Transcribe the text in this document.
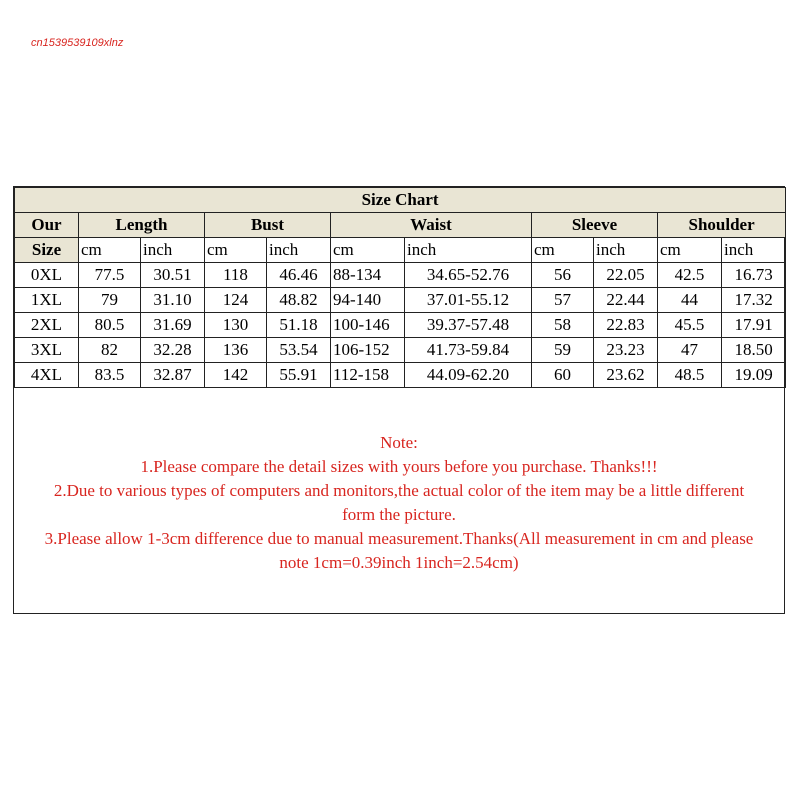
cn1539539109xlnz
Size Chart										
Our	Length		Bust		Waist		Sleeve		Shoulder	
Size	cm	inch	cm	inch	cm	inch	cm	inch	cm	inch
0XL	77.5	30.51	118	46.46	88-134	34.65-52.76	56	22.05	42.5	16.73
1XL	79	31.10	124	48.82	94-140	37.01-55.12	57	22.44	44	17.32
2XL	80.5	31.69	130	51.18	100-146	39.37-57.48	58	22.83	45.5	17.91
3XL	82	32.28	136	53.54	106-152	41.73-59.84	59	23.23	47	18.50
4XL	83.5	32.87	142	55.91	112-158	44.09-62.20	60	23.62	48.5	19.09
Note:
1.Please compare the detail sizes with yours before you purchase. Thanks!!!
2.Due to various types of computers and monitors,the actual color of the item may be a little different
form the picture.
3.Please allow 1-3cm difference due to manual measurement.Thanks(All measurement in cm and please
note 1cm=0.39inch 1inch=2.54cm)
